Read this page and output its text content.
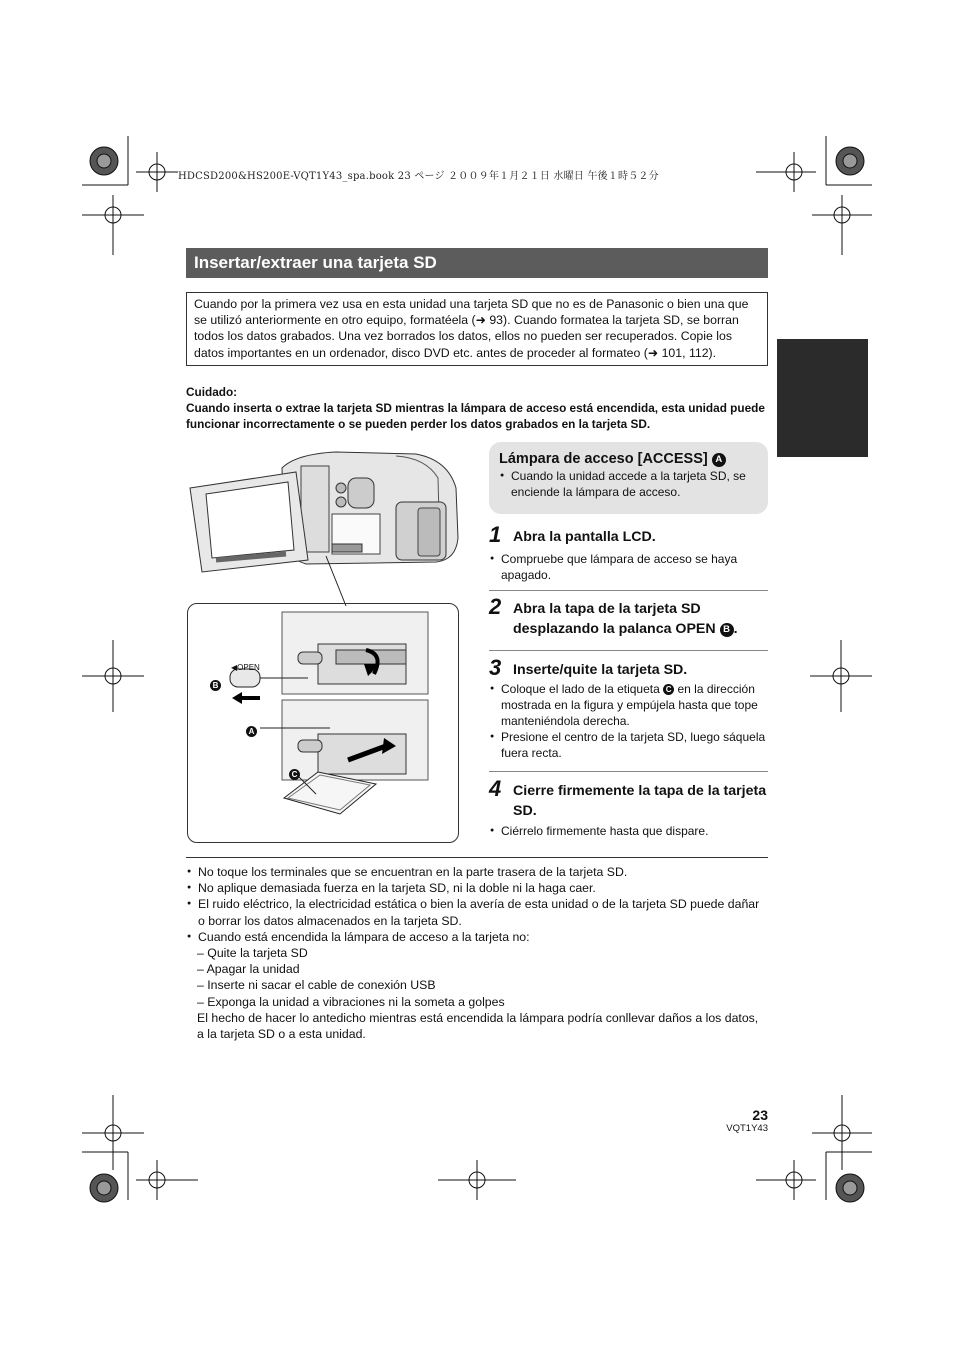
HDCSD200&HS200E-VQT1Y43_spa.book 23 ページ ２００９年１月２１日 水曜日 午後１時５２分
Insertar/extraer una tarjeta SD
Cuando por la primera vez usa en esta unidad una tarjeta SD que no es de Panasonic o bien una que se utilizó anteriormente en otro equipo, formatéela (➜ 93). Cuando formatea la tarjeta SD, se borran todos los datos grabados. Una vez borrados los datos, ellos no pueden ser recuperados. Copie los datos importantes en un ordenador, disco DVD etc. antes de proceder al formateo (➜ 101, 112).
Cuidado:
Cuando inserta o extrae la tarjeta SD mientras la lámpara de acceso está encendida, esta unidad puede funcionar incorrectamente o se pueden perder los datos grabados en la tarjeta SD.
◀OPEN
B
A
C
Lámpara de acceso [ACCESS] A
● Cuando la unidad accede a la tarjeta SD, se enciende la lámpara de acceso.
1 Abra la pantalla LCD.
● Compruebe que lámpara de acceso se haya apagado.
2 Abra la tapa de la tarjeta SD desplazando la palanca OPEN B .
3 Inserte/quite la tarjeta SD.
● Coloque el lado de la etiqueta C en la dirección mostrada en la figura y empújela hasta que tope manteniéndola derecha.
● Presione el centro de la tarjeta SD, luego sáquela fuera recta.
4 Cierre firmemente la tapa de la tarjeta SD.
● Ciérrelo firmemente hasta que dispare.
● No toque los terminales que se encuentran en la parte trasera de la tarjeta SD.
● No aplique demasiada fuerza en la tarjeta SD, ni la doble ni la haga caer.
● El ruido eléctrico, la electricidad estática o bien la avería de esta unidad o de la tarjeta SD puede dañar o borrar los datos almacenados en la tarjeta SD.
● Cuando está encendida la lámpara de acceso a la tarjeta no:
– Quite la tarjeta SD
– Apagar la unidad
– Inserte ni sacar el cable de conexión USB
– Exponga la unidad a vibraciones ni la someta a golpes
El hecho de hacer lo antedicho mientras está encendida la lámpara podría conllevar daños a los datos, a la tarjeta SD o a esta unidad.
23
VQT1Y43
